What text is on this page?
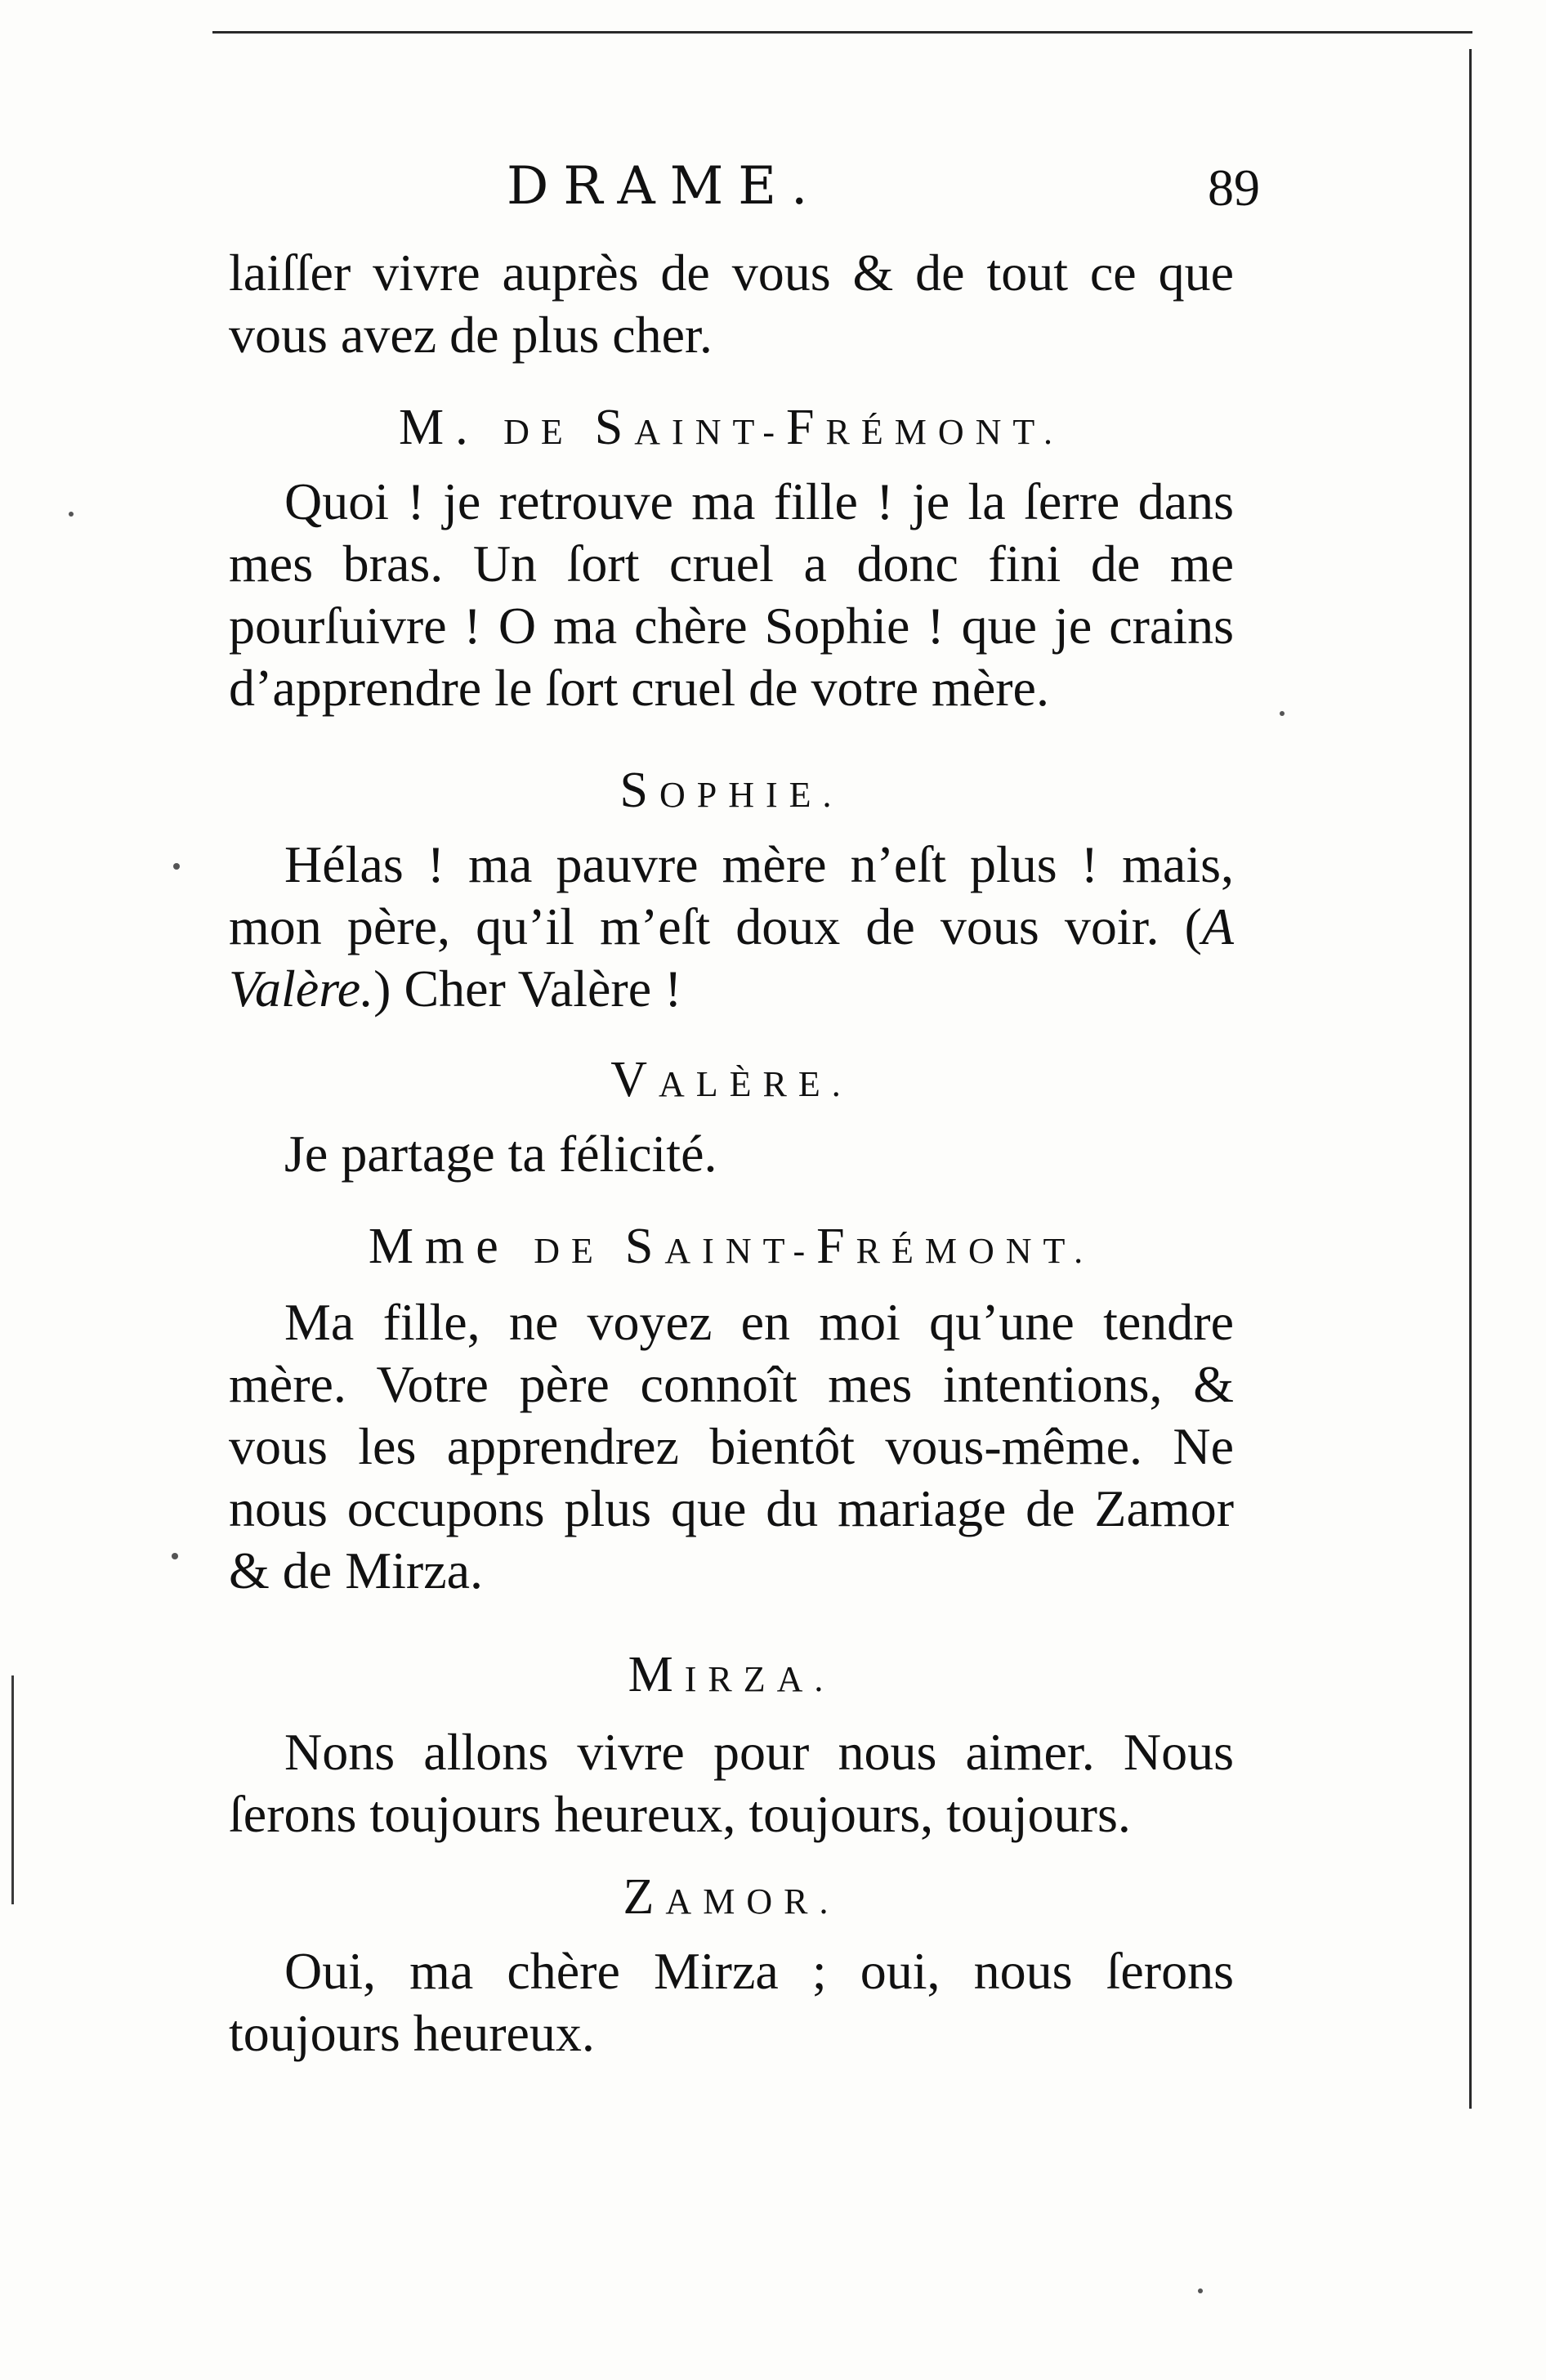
DRAME.	89

laiſſer vivre auprès de vous & de tout ce que vous avez de plus cher.

M. DE SAINT-FRÉMONT.

Quoi ! je retrouve ma fille ! je la ſerre dans mes bras. Un ſort cruel a donc fini de me pourſuivre ! O ma chère Sophie ! que je crains d’apprendre le ſort cruel de votre mère.

SOPHIE.

Hélas ! ma pauvre mère n’eſt plus ! mais, mon père, qu’il m’eſt doux de vous voir. (A Valère.) Cher Valère !

VALÈRE.

Je partage ta félicité.

Mme DE SAINT-FRÉMONT.

Ma fille, ne voyez en moi qu’une tendre mère. Votre père connoît mes intentions, & vous les apprendrez bientôt vous-même. Ne nous occupons plus que du mariage de Zamor & de Mirza.

MIRZA.

Nons allons vivre pour nous aimer. Nous ſerons toujours heureux, toujours, toujours.

ZAMOR.

Oui, ma chère Mirza ; oui, nous ſerons toujours heureux.
